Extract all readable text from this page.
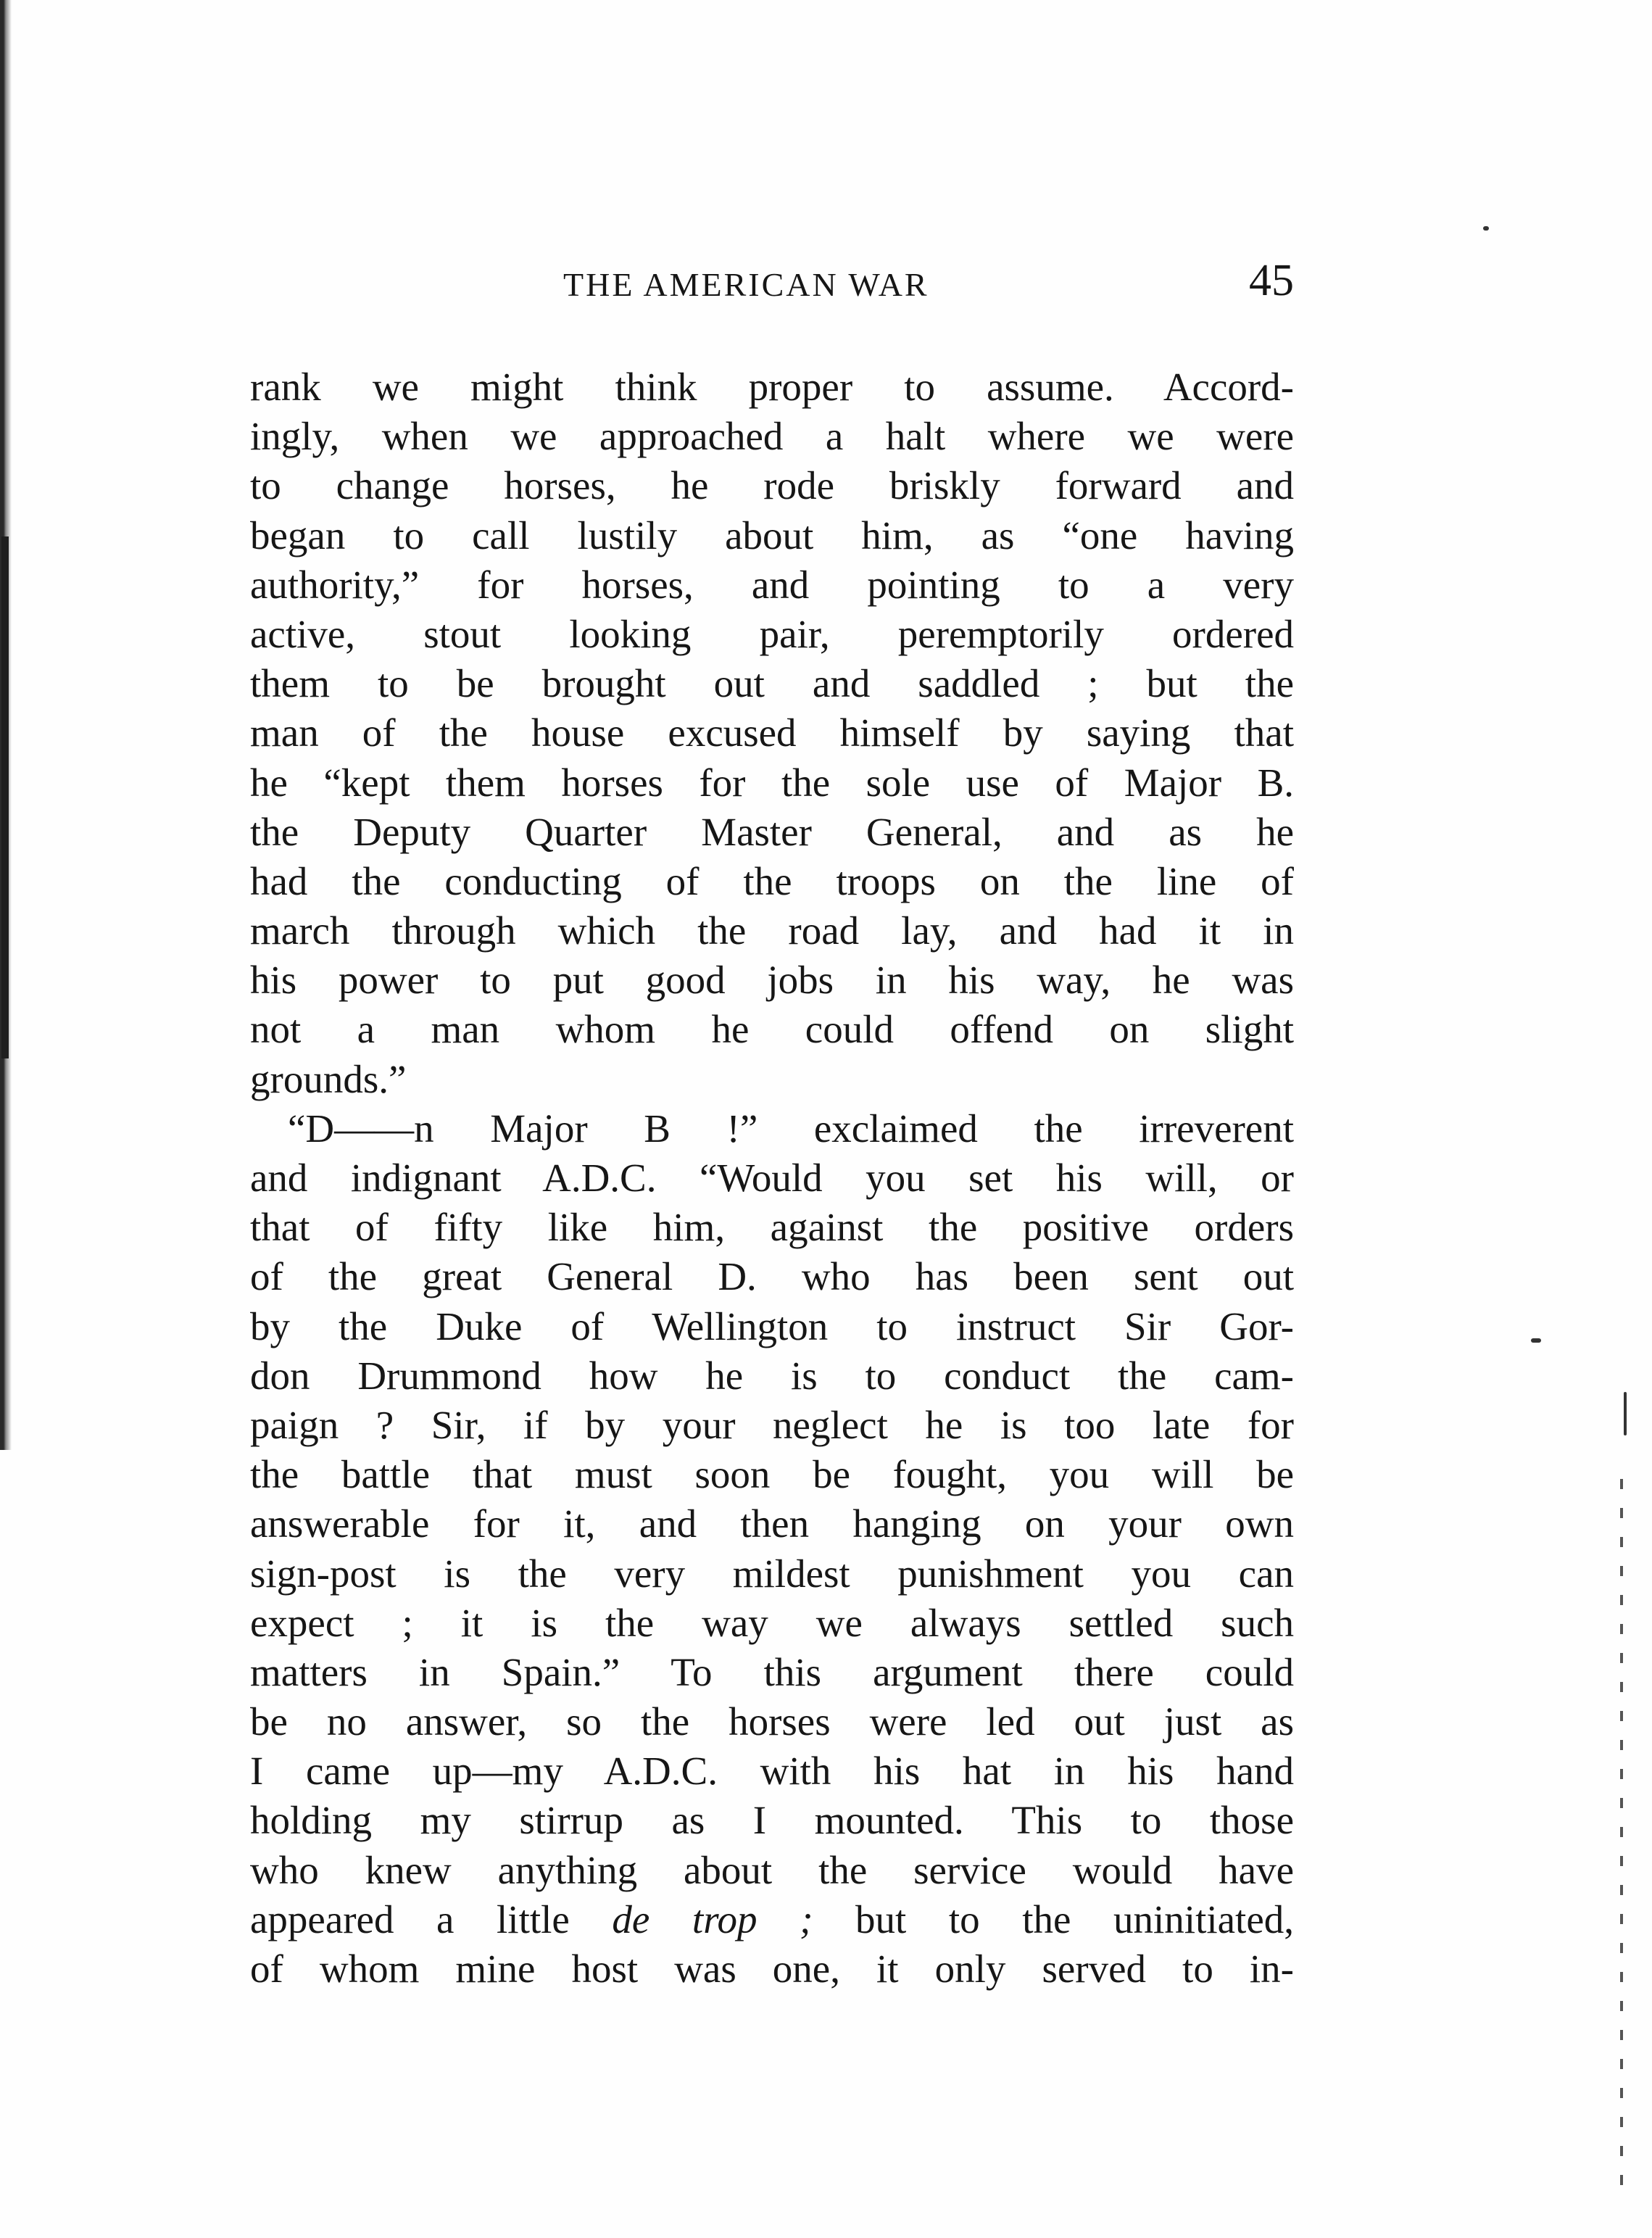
THE AMERICAN WAR	45
rank we might think proper to assume. Accord-
ingly, when we approached a halt where we were
to change horses, he rode briskly forward and
began to call lustily about him, as “one having
authority,” for horses, and pointing to a very
active, stout looking pair, peremptorily ordered
them to be brought out and saddled ; but the
man of the house excused himself by saying that
he “kept them horses for the sole use of Major B.
the Deputy Quarter Master General, and as he
had the conducting of the troops on the line of
march through which the road lay, and had it in
his power to put good jobs in his way, he was
not a man whom he could offend on slight
grounds.”
“D——n Major B !” exclaimed the irreverent
and indignant A.D.C. “Would you set his will, or
that of fifty like him, against the positive orders
of the great General D. who has been sent out
by the Duke of Wellington to instruct Sir Gor-
don Drummond how he is to conduct the cam-
paign ? Sir, if by your neglect he is too late for
the battle that must soon be fought, you will be
answerable for it, and then hanging on your own
sign-post is the very mildest punishment you can
expect ; it is the way we always settled such
matters in Spain.” To this argument there could
be no answer, so the horses were led out just as
I came up—my A.D.C. with his hat in his hand
holding my stirrup as I mounted. This to those
who knew anything about the service would have
appeared a little de trop ; but to the uninitiated,
of whom mine host was one, it only served to in-
